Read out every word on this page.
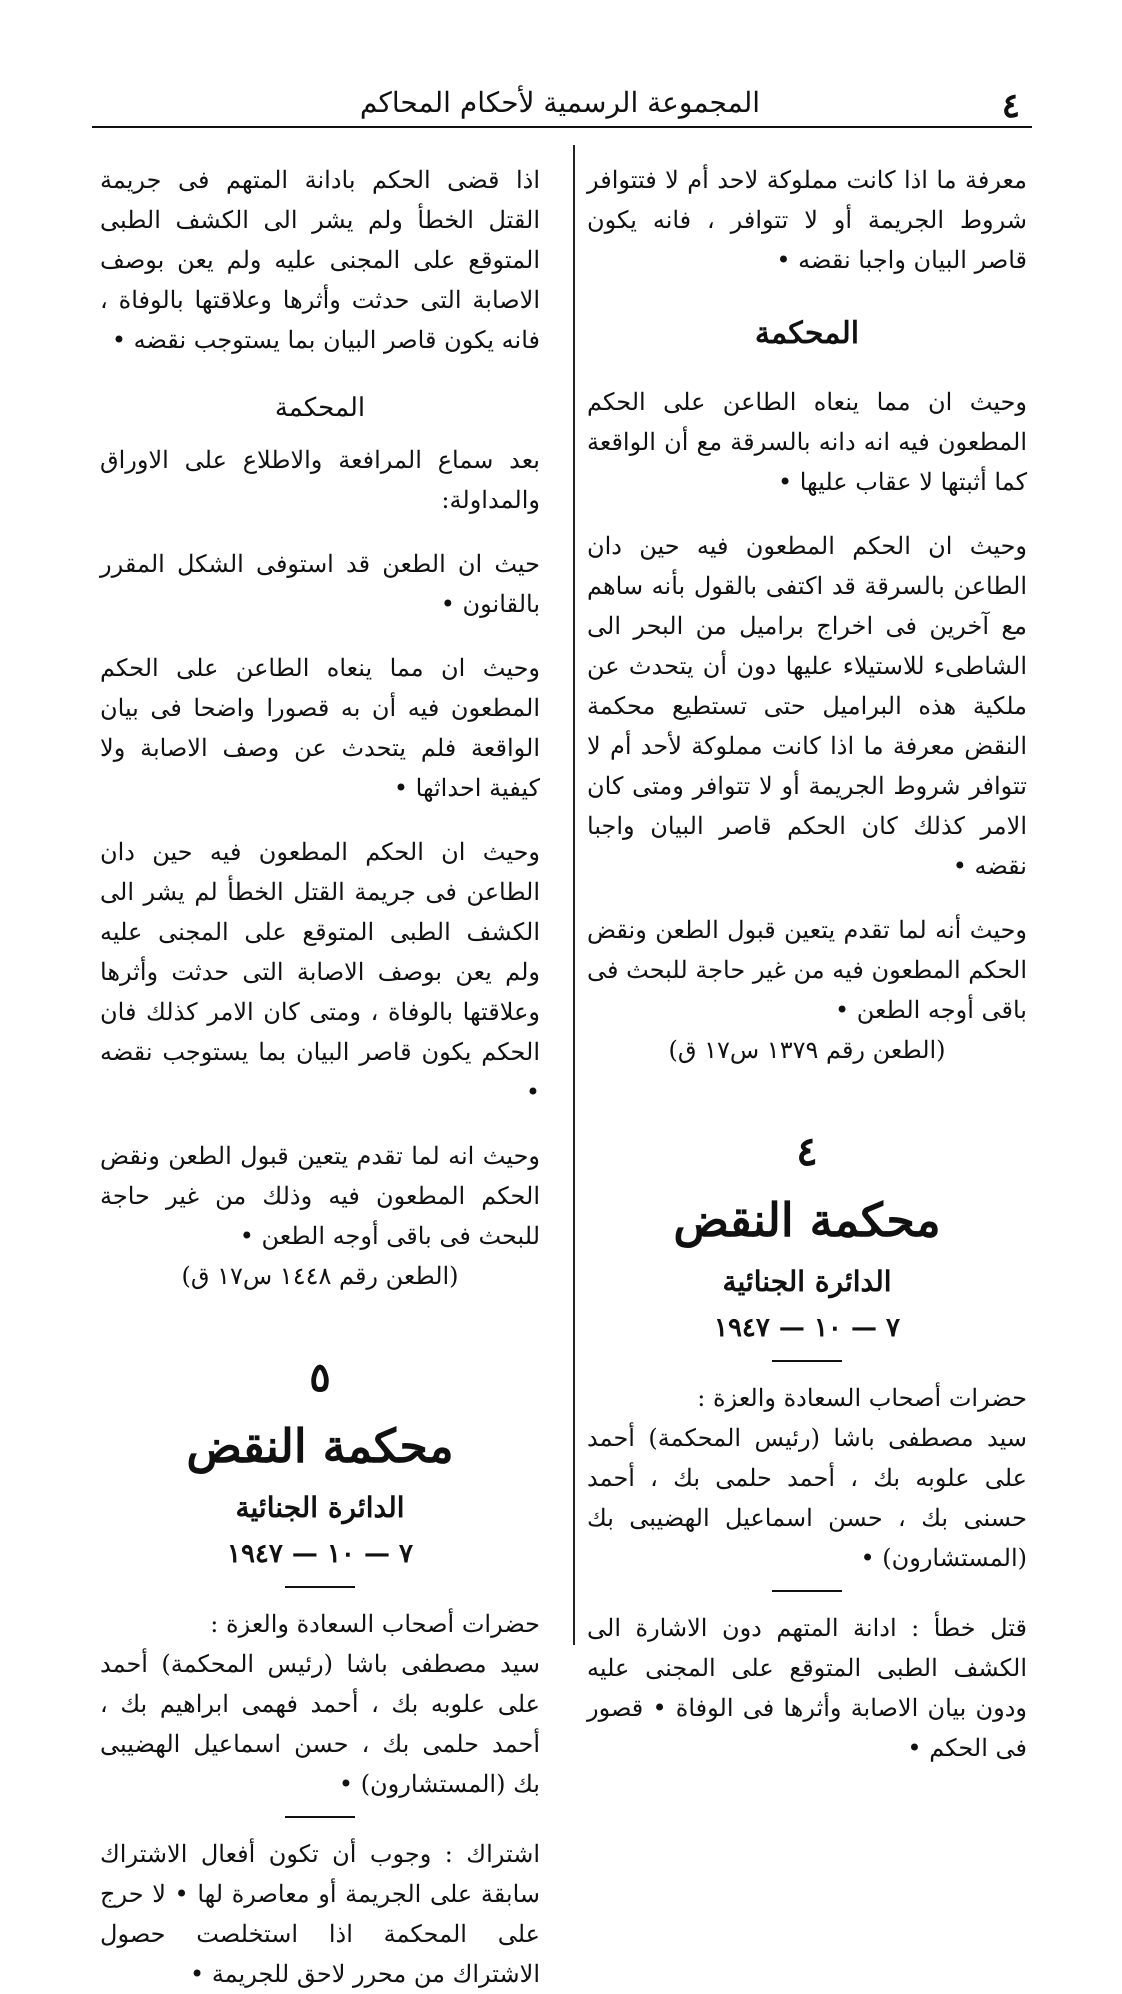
٤
المجموعة الرسمية لأحكام المحاكم

معرفة ما اذا كانت مملوكة لاحد أم لا فتتوافر شروط الجريمة أو لا تتوافر ، فانه يكون قاصر البيان واجبا نقضه •

المحكمة

وحيث ان مما ينعاه الطاعن على الحكم المطعون فيه انه دانه بالسرقة مع أن الواقعة كما أثبتها لا عقاب عليها •

وحيث ان الحكم المطعون فيه حين دان الطاعن بالسرقة قد اكتفى بالقول بأنه ساهم مع آخرين فى اخراج براميل من البحر الى الشاطىء للاستيلاء عليها دون أن يتحدث عن ملكية هذه البراميل حتى تستطيع محكمة النقض معرفة ما اذا كانت مملوكة لأحد أم لا تتوافر شروط الجريمة أو لا تتوافر ومتى كان الامر كذلك كان الحكم قاصر البيان واجبا نقضه •

وحيث أنه لما تقدم يتعين قبول الطعن ونقض الحكم المطعون فيه من غير حاجة للبحث فى باقى أوجه الطعن •

(الطعن رقم ١٣٧٩ س١٧ ق)

٤
محكمة النقض
الدائرة الجنائية
٧ — ١٠ — ١٩٤٧

حضرات أصحاب السعادة والعزة :

سيد مصطفى باشا (رئيس المحكمة) أحمد على علوبه بك ، أحمد حلمى بك ، أحمد حسنى بك ، حسن اسماعيل الهضيبى بك (المستشارون) •

قتل خطأ : ادانة المتهم دون الاشارة الى الكشف الطبى المتوقع على المجنى عليه ودون بيان الاصابة وأثرها فى الوفاة • قصور فى الحكم •

اذا قضى الحكم بادانة المتهم فى جريمة القتل الخطأ ولم يشر الى الكشف الطبى المتوقع على المجنى عليه ولم يعن بوصف الاصابة التى حدثت وأثرها وعلاقتها بالوفاة ، فانه يكون قاصر البيان بما يستوجب نقضه •

المحكمة

بعد سماع المرافعة والاطلاع على الاوراق والمداولة:

حيث ان الطعن قد استوفى الشكل المقرر بالقانون •

وحيث ان مما ينعاه الطاعن على الحكم المطعون فيه أن به قصورا واضحا فى بيان الواقعة فلم يتحدث عن وصف الاصابة ولا كيفية احداثها •

وحيث ان الحكم المطعون فيه حين دان الطاعن فى جريمة القتل الخطأ لم يشر الى الكشف الطبى المتوقع على المجنى عليه ولم يعن بوصف الاصابة التى حدثت وأثرها وعلاقتها بالوفاة ، ومتى كان الامر كذلك فان الحكم يكون قاصر البيان بما يستوجب نقضه •

وحيث انه لما تقدم يتعين قبول الطعن ونقض الحكم المطعون فيه وذلك من غير حاجة للبحث فى باقى أوجه الطعن •

(الطعن رقم ١٤٤٨ س١٧ ق)

٥
محكمة النقض
الدائرة الجنائية
٧ — ١٠ — ١٩٤٧

حضرات أصحاب السعادة والعزة :

سيد مصطفى باشا (رئيس المحكمة) أحمد على علوبه بك ، أحمد فهمى ابراهيم بك ، أحمد حلمى بك ، حسن اسماعيل الهضيبى بك (المستشارون) •

اشتراك : وجوب أن تكون أفعال الاشتراك سابقة على الجريمة أو معاصرة لها • لا حرج على المحكمة اذا استخلصت حصول الاشتراك من محرر لاحق للجريمة •
